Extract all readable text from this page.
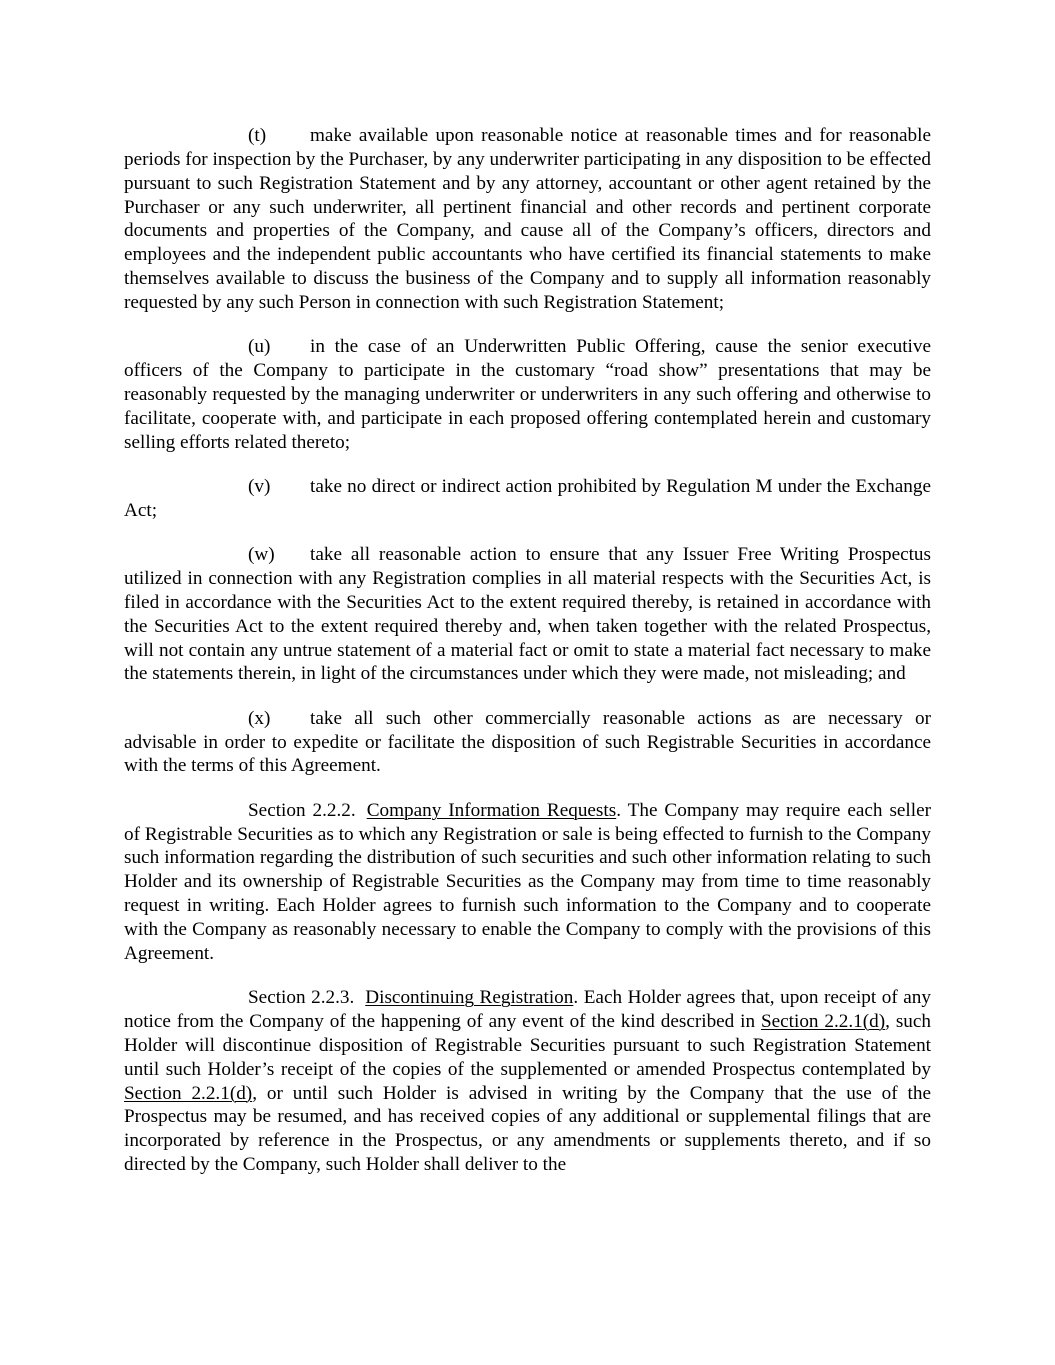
(t) make available upon reasonable notice at reasonable times and for reasonable periods for inspection by the Purchaser, by any underwriter participating in any disposition to be effected pursuant to such Registration Statement and by any attorney, accountant or other agent retained by the Purchaser or any such underwriter, all pertinent financial and other records and pertinent corporate documents and properties of the Company, and cause all of the Company’s officers, directors and employees and the independent public accountants who have certified its financial statements to make themselves available to discuss the business of the Company and to supply all information reasonably requested by any such Person in connection with such Registration Statement;

(u) in the case of an Underwritten Public Offering, cause the senior executive officers of the Company to participate in the customary “road show” presentations that may be reasonably requested by the managing underwriter or underwriters in any such offering and otherwise to facilitate, cooperate with, and participate in each proposed offering contemplated herein and customary selling efforts related thereto;

(v) take no direct or indirect action prohibited by Regulation M under the Exchange Act;

(w) take all reasonable action to ensure that any Issuer Free Writing Prospectus utilized in connection with any Registration complies in all material respects with the Securities Act, is filed in accordance with the Securities Act to the extent required thereby, is retained in accordance with the Securities Act to the extent required thereby and, when taken together with the related Prospectus, will not contain any untrue statement of a material fact or omit to state a material fact necessary to make the statements therein, in light of the circumstances under which they were made, not misleading; and

(x) take all such other commercially reasonable actions as are necessary or advisable in order to expedite or facilitate the disposition of such Registrable Securities in accordance with the terms of this Agreement.

Section 2.2.2. Company Information Requests. The Company may require each seller of Registrable Securities as to which any Registration or sale is being effected to furnish to the Company such information regarding the distribution of such securities and such other information relating to such Holder and its ownership of Registrable Securities as the Company may from time to time reasonably request in writing. Each Holder agrees to furnish such information to the Company and to cooperate with the Company as reasonably necessary to enable the Company to comply with the provisions of this Agreement.

Section 2.2.3. Discontinuing Registration. Each Holder agrees that, upon receipt of any notice from the Company of the happening of any event of the kind described in Section 2.2.1(d), such Holder will discontinue disposition of Registrable Securities pursuant to such Registration Statement until such Holder’s receipt of the copies of the supplemented or amended Prospectus contemplated by Section 2.2.1(d), or until such Holder is advised in writing by the Company that the use of the Prospectus may be resumed, and has received copies of any additional or supplemental filings that are incorporated by reference in the Prospectus, or any amendments or supplements thereto, and if so directed by the Company, such Holder shall deliver to the
